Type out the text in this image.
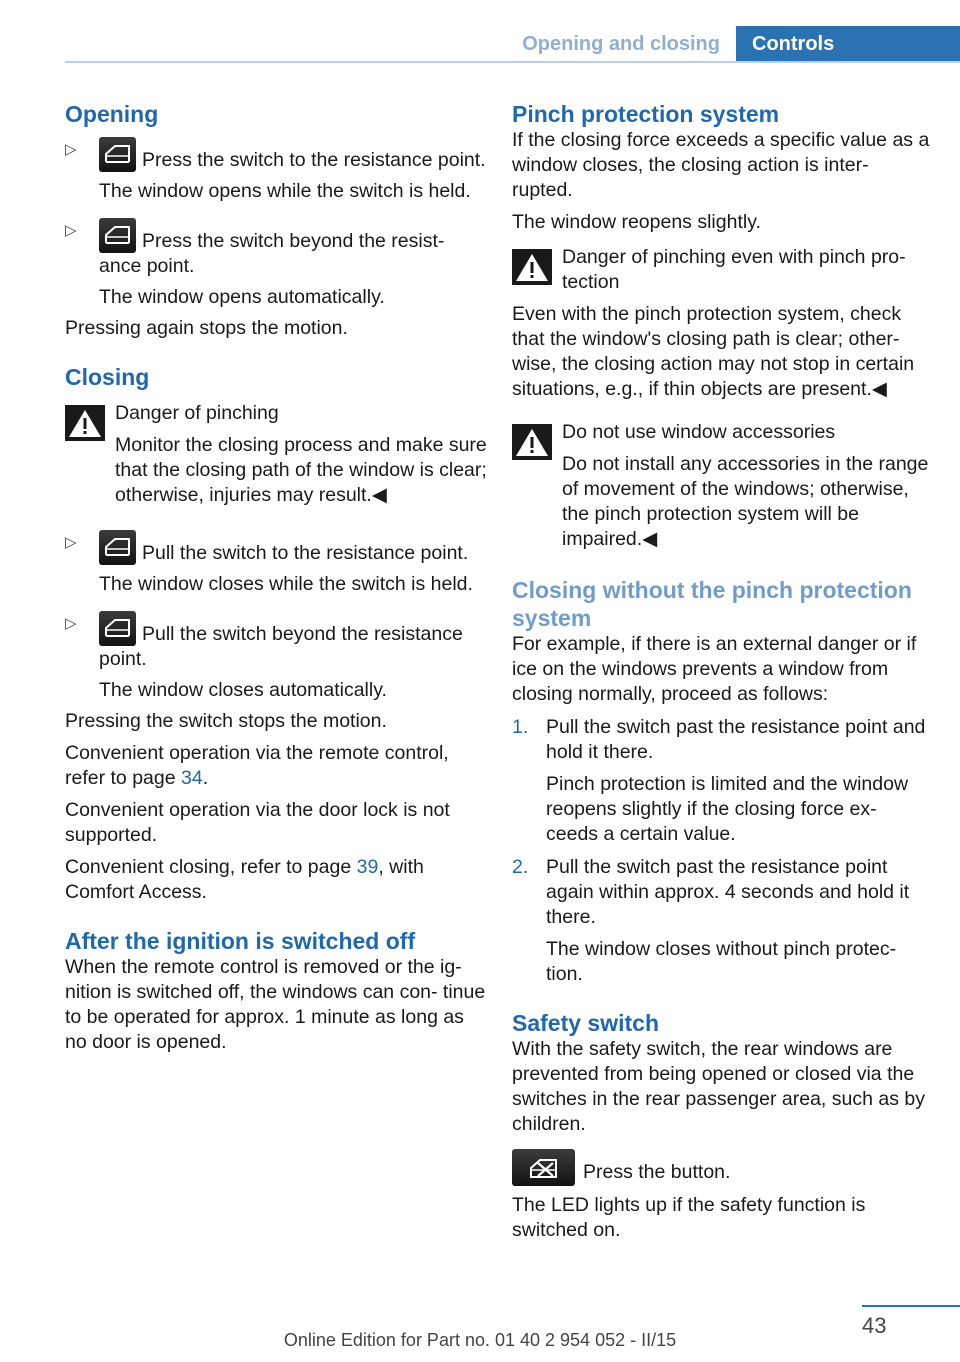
Opening and closing	Controls
Opening
▷	Press the switch to the resistance point.

The window opens while the switch is held.

▷	Press the switch beyond the resist‐ ance point.

The window opens automatically.

Pressing again stops the motion.

Closing

Danger of pinching

Monitor the closing process and make sure that the closing path of the window is clear; otherwise, injuries may result.◀

▷	Pull the switch to the resistance point.

The window closes while the switch is held.

▷	Pull the switch beyond the resistance point.

The window closes automatically.

Pressing the switch stops the motion.

Convenient operation via the remote control, refer to page 34.

Convenient operation via the door lock is not supported.

Convenient closing, refer to page 39, with Comfort Access.

After the ignition is switched off

When the remote control is removed or the ig‐ nition is switched off, the windows can con‐ tinue to be operated for approx. 1 minute as long as no door is opened.

Pinch protection system

If the closing force exceeds a specific value as a window closes, the closing action is inter‐ rupted.

The window reopens slightly.

Danger of pinching even with pinch pro‐ tection

Even with the pinch protection system, check that the window's closing path is clear; other‐ wise, the closing action may not stop in certain situations, e.g., if thin objects are present.◀

Do not use window accessories

Do not install any accessories in the range of movement of the windows; otherwise, the pinch protection system will be impaired.◀

Closing without the pinch protection system

For example, if there is an external danger or if ice on the windows prevents a window from closing normally, proceed as follows:

1. Pull the switch past the resistance point and hold it there.

Pinch protection is limited and the window reopens slightly if the closing force ex‐ ceeds a certain value.

2. Pull the switch past the resistance point again within approx. 4 seconds and hold it there.

The window closes without pinch protec‐ tion.

Safety switch

With the safety switch, the rear windows are prevented from being opened or closed via the switches in the rear passenger area, such as by children.

Press the button.

The LED lights up if the safety function is switched on.

43
Online Edition for Part no. 01 40 2 954 052 - II/15
